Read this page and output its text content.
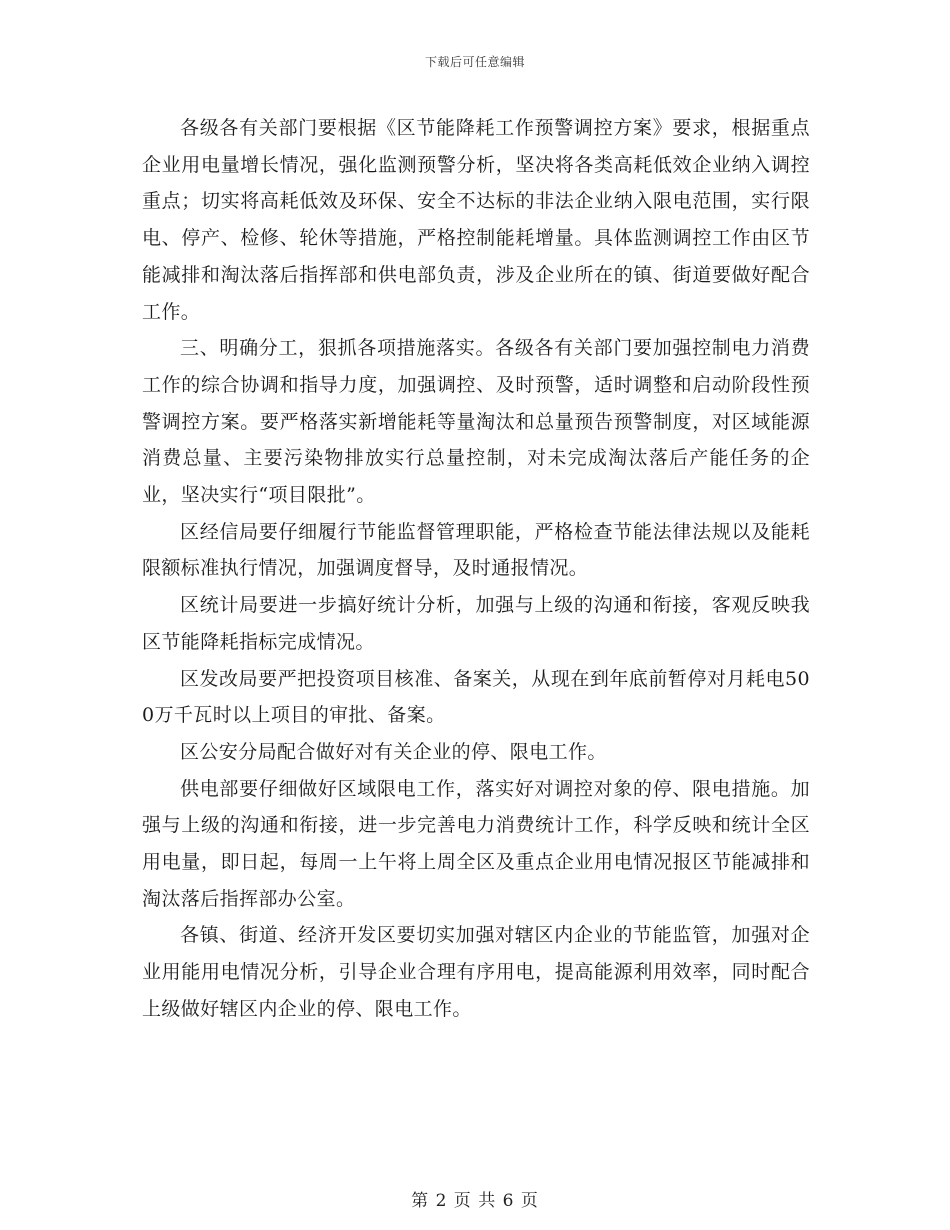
下载后可任意编辑

各级各有关部门要根据《区节能降耗工作预警调控方案》要求，根据重点企业用电量增长情况，强化监测预警分析，坚决将各类高耗低效企业纳入调控重点；切实将高耗低效及环保、安全不达标的非法企业纳入限电范围，实行限电、停产、检修、轮休等措施，严格控制能耗增量。具体监测调控工作由区节能减排和淘汰落后指挥部和供电部负责，涉及企业所在的镇、街道要做好配合工作。

三、明确分工，狠抓各项措施落实。各级各有关部门要加强控制电力消费工作的综合协调和指导力度，加强调控、及时预警，适时调整和启动阶段性预警调控方案。要严格落实新增能耗等量淘汰和总量预告预警制度，对区域能源消费总量、主要污染物排放实行总量控制，对未完成淘汰落后产能任务的企业，坚决实行“项目限批”。

区经信局要仔细履行节能监督管理职能，严格检查节能法律法规以及能耗限额标准执行情况，加强调度督导，及时通报情况。

区统计局要进一步搞好统计分析，加强与上级的沟通和衔接，客观反映我区节能降耗指标完成情况。

区发改局要严把投资项目核准、备案关，从现在到年底前暂停对月耗电500万千瓦时以上项目的审批、备案。

区公安分局配合做好对有关企业的停、限电工作。

供电部要仔细做好区域限电工作，落实好对调控对象的停、限电措施。加强与上级的沟通和衔接，进一步完善电力消费统计工作，科学反映和统计全区用电量，即日起，每周一上午将上周全区及重点企业用电情况报区节能减排和淘汰落后指挥部办公室。

各镇、街道、经济开发区要切实加强对辖区内企业的节能监管，加强对企业用能用电情况分析，引导企业合理有序用电，提高能源利用效率，同时配合上级做好辖区内企业的停、限电工作。

第 2 页 共 6 页
